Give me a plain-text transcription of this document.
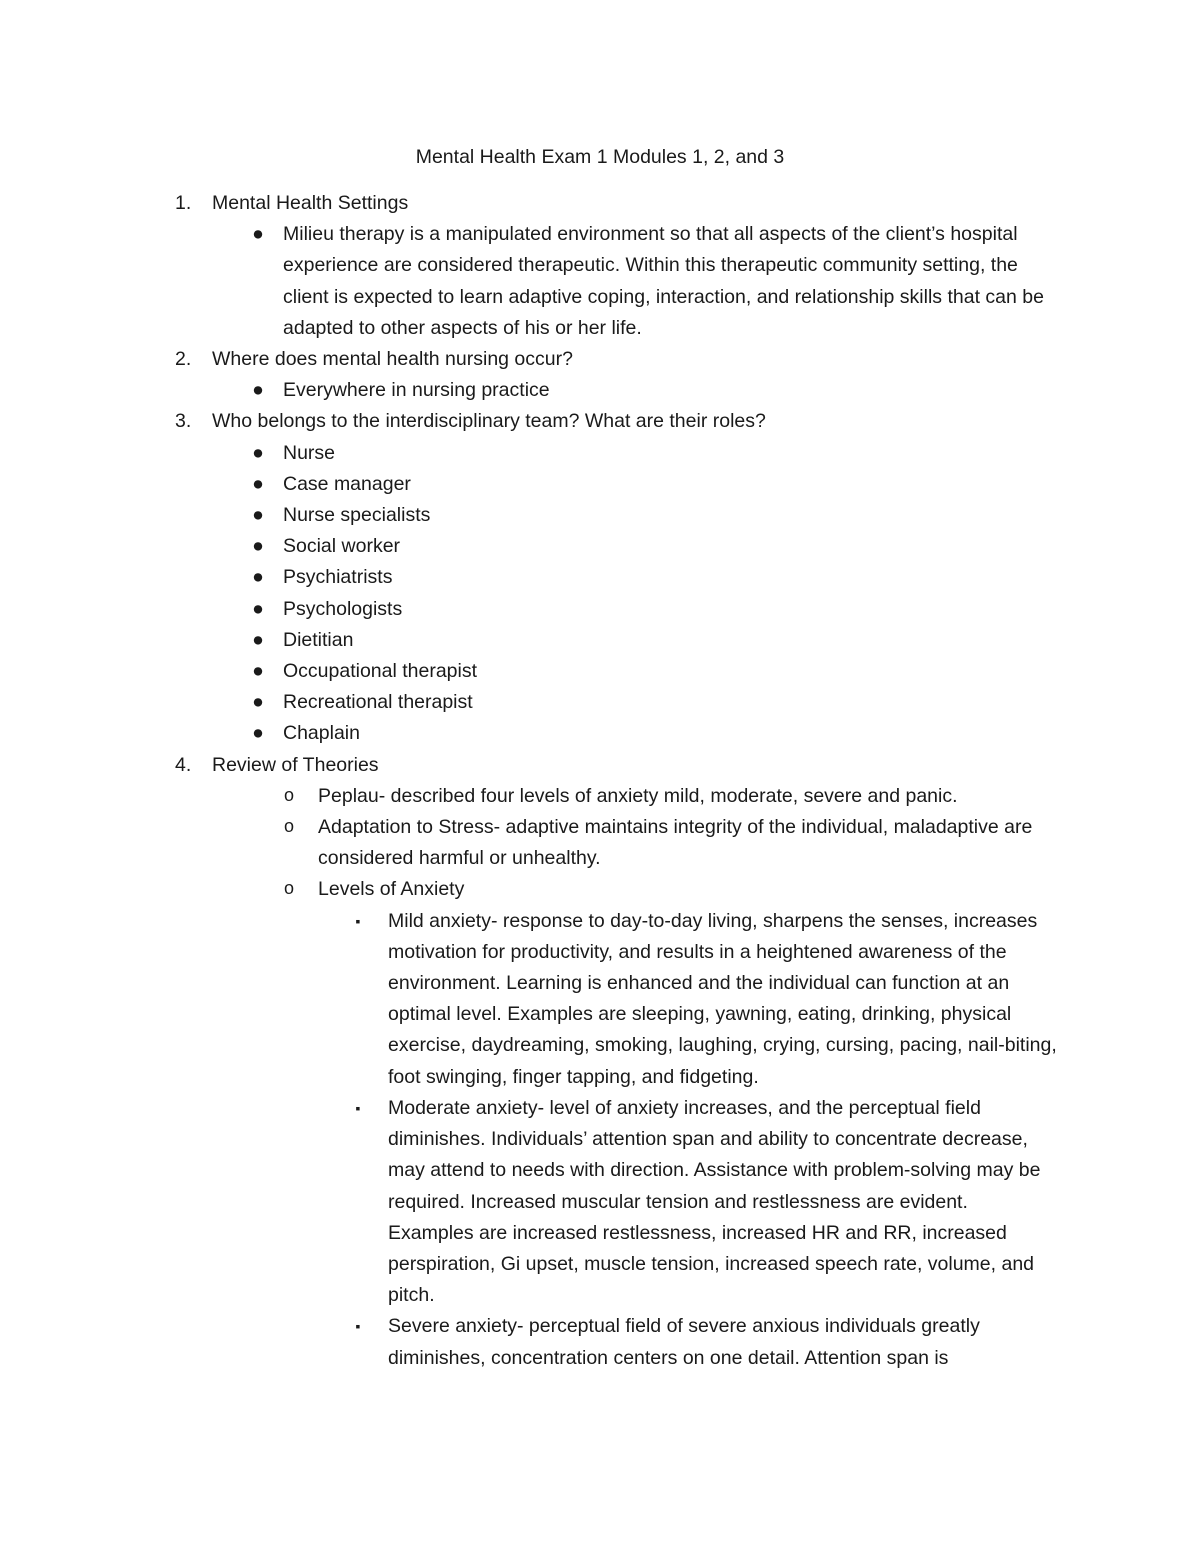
Mental Health Exam 1 Modules 1, 2, and 3
1. Mental Health Settings
● Milieu therapy is a manipulated environment so that all aspects of the client’s hospital experience are considered therapeutic. Within this therapeutic community setting, the client is expected to learn adaptive coping, interaction, and relationship skills that can be adapted to other aspects of his or her life.
2. Where does mental health nursing occur?
● Everywhere in nursing practice
3. Who belongs to the interdisciplinary team? What are their roles?
● Nurse
● Case manager
● Nurse specialists
● Social worker
● Psychiatrists
● Psychologists
● Dietitian
● Occupational therapist
● Recreational therapist
● Chaplain
4. Review of Theories
o Peplau- described four levels of anxiety mild, moderate, severe and panic.
o Adaptation to Stress- adaptive maintains integrity of the individual, maladaptive are considered harmful or unhealthy.
o Levels of Anxiety
▪ Mild anxiety- response to day-to-day living, sharpens the senses, increases motivation for productivity, and results in a heightened awareness of the environment. Learning is enhanced and the individual can function at an optimal level. Examples are sleeping, yawning, eating, drinking, physical exercise, daydreaming, smoking, laughing, crying, cursing, pacing, nail-biting, foot swinging, finger tapping, and fidgeting.
▪ Moderate anxiety- level of anxiety increases, and the perceptual field diminishes. Individuals’ attention span and ability to concentrate decrease, may attend to needs with direction. Assistance with problem-solving may be required. Increased muscular tension and restlessness are evident. Examples are increased restlessness, increased HR and RR, increased perspiration, Gi upset, muscle tension, increased speech rate, volume, and pitch.
▪ Severe anxiety- perceptual field of severe anxious individuals greatly diminishes, concentration centers on one detail. Attention span is
